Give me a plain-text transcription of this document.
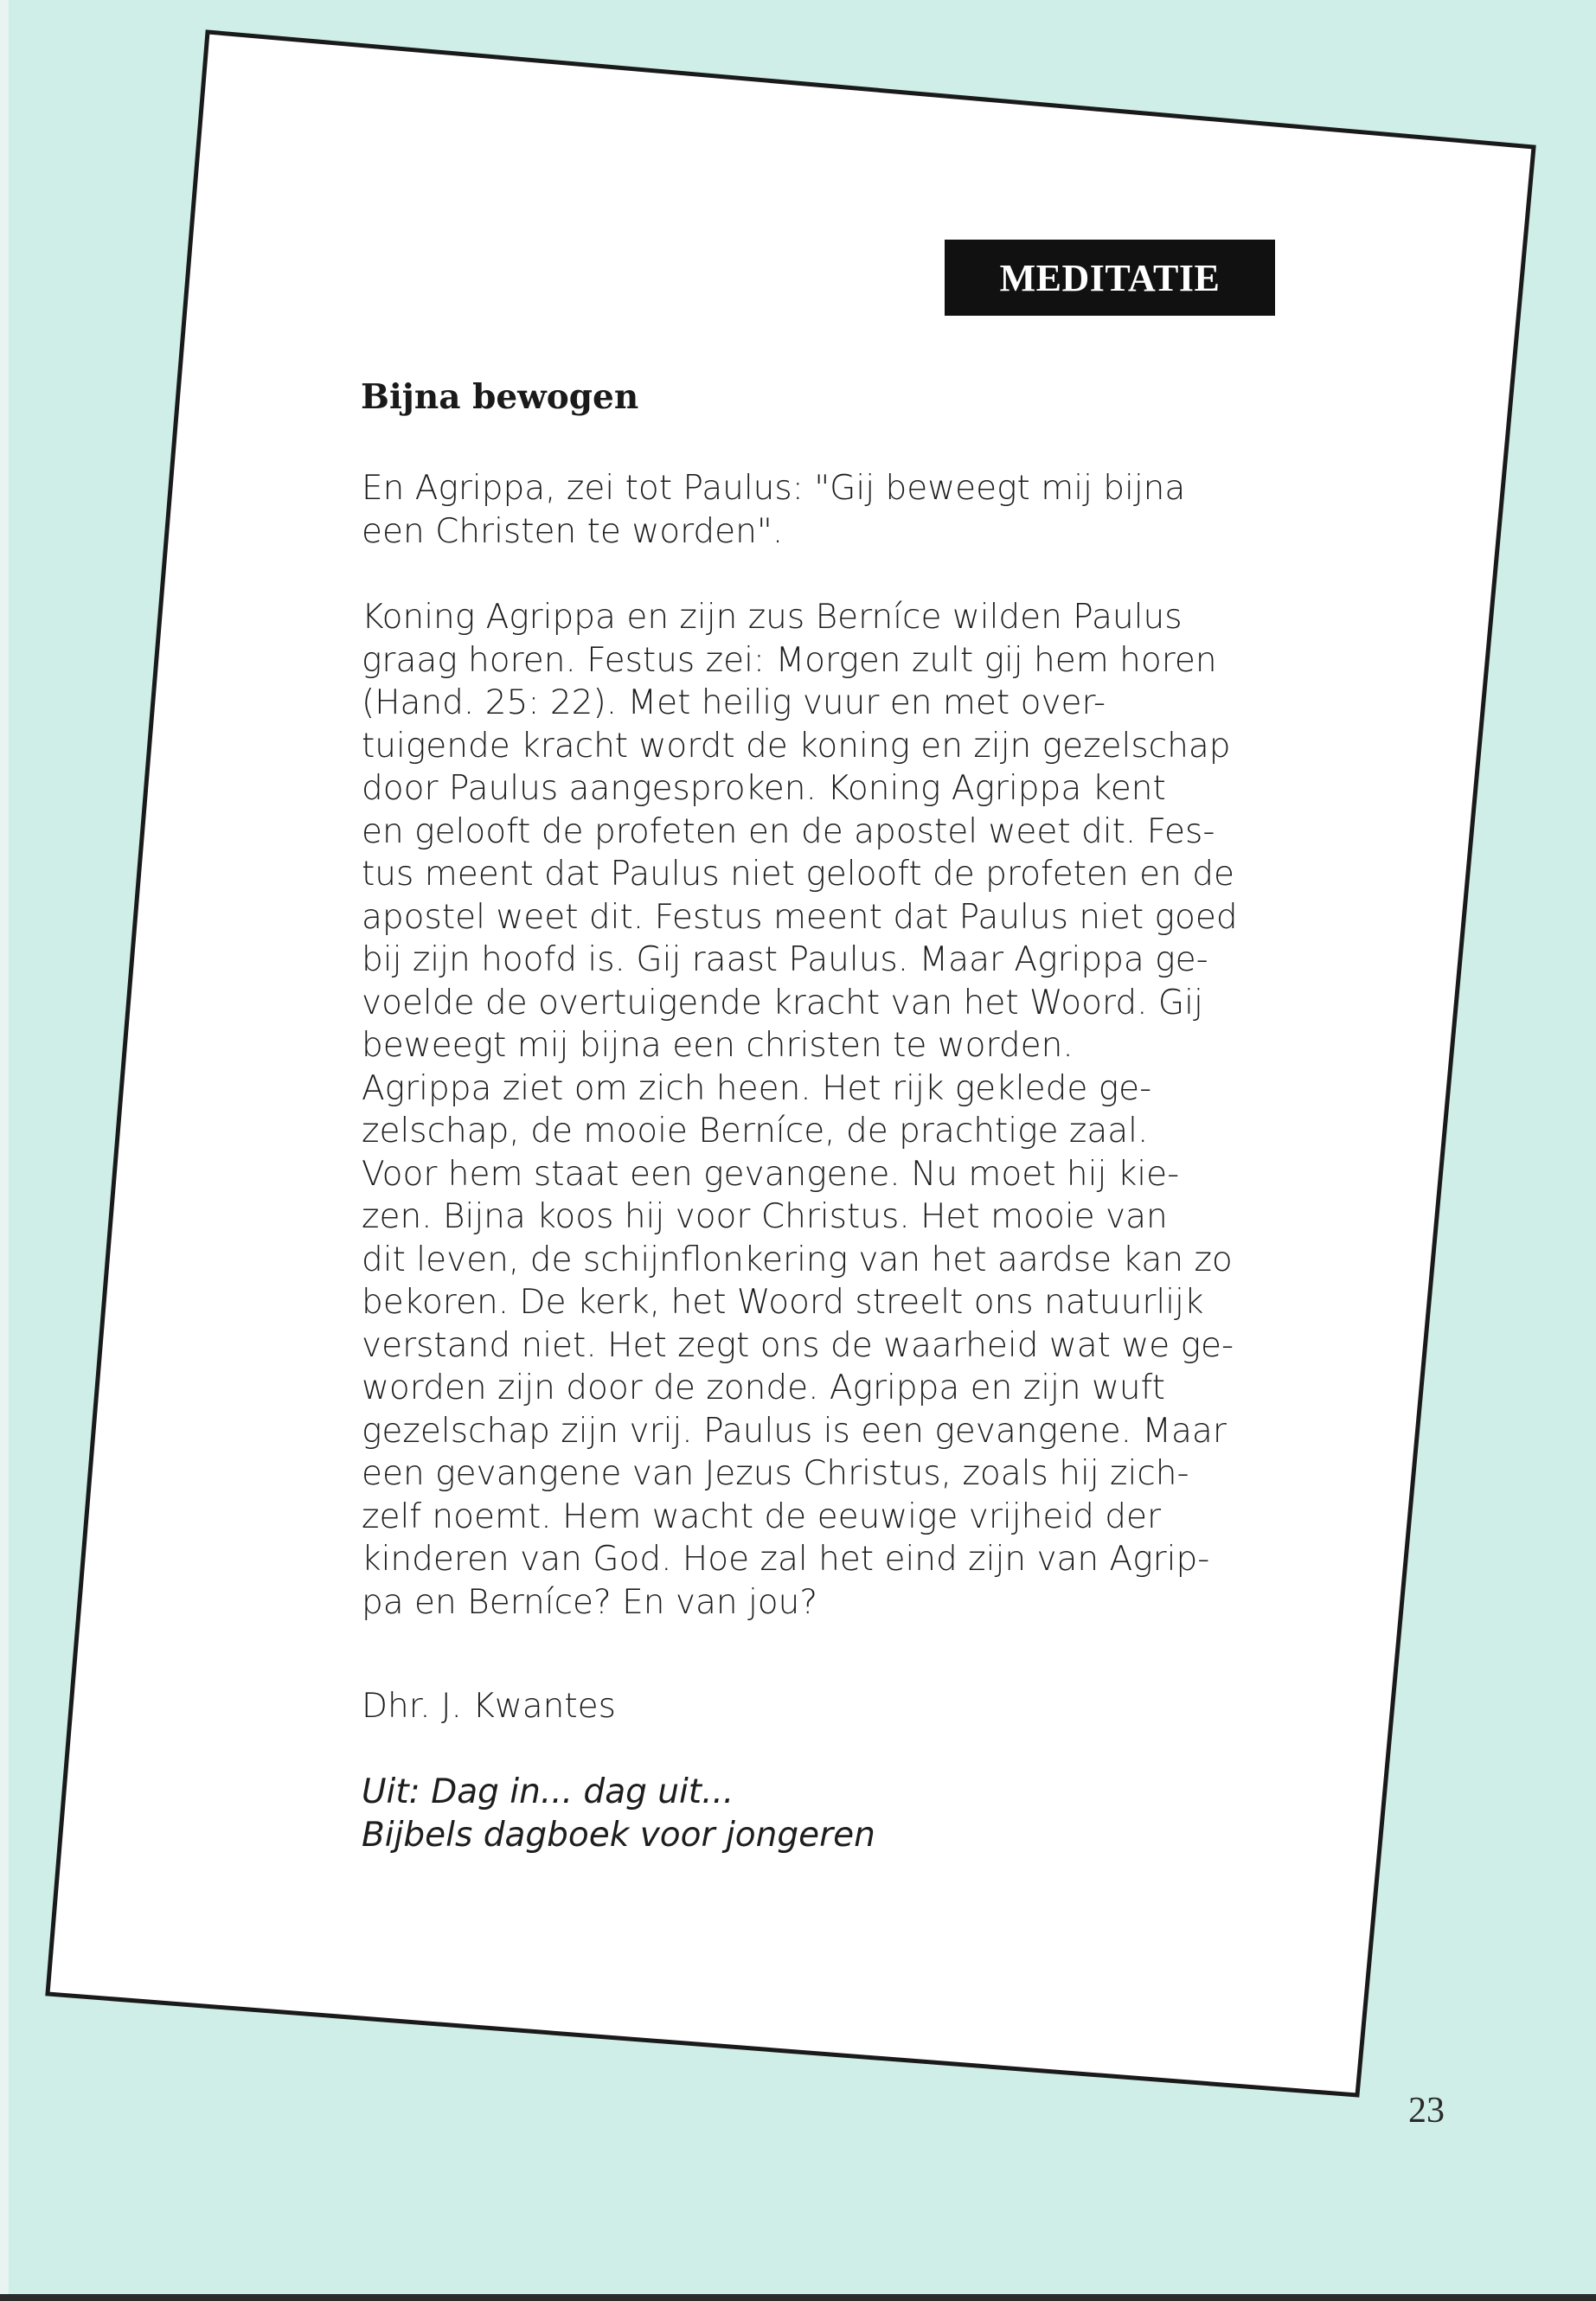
MEDITATIE
Bijna bewogen
En Agrippa, zei tot Paulus: "Gij beweegt mij bijna
een Christen te worden".
Koning Agrippa en zijn zus Berníce wilden Paulus
graag horen. Festus zei: Morgen zult gij hem horen
(Hand. 25: 22). Met heilig vuur en met over-
tuigende kracht wordt de koning en zijn gezelschap
door Paulus aangesproken. Koning Agrippa kent
en gelooft de profeten en de apostel weet dit. Fes-
tus meent dat Paulus niet gelooft de profeten en de
apostel weet dit. Festus meent dat Paulus niet goed
bij zijn hoofd is. Gij raast Paulus. Maar Agrippa ge-
voelde de overtuigende kracht van het Woord. Gij
beweegt mij bijna een christen te worden.
Agrippa ziet om zich heen. Het rijk geklede ge-
zelschap, de mooie Berníce, de prachtige zaal.
Voor hem staat een gevangene. Nu moet hij kie-
zen. Bijna koos hij voor Christus. Het mooie van
dit leven, de schijnflonkering van het aardse kan zo
bekoren. De kerk, het Woord streelt ons natuurlijk
verstand niet. Het zegt ons de waarheid wat we ge-
worden zijn door de zonde. Agrippa en zijn wuft
gezelschap zijn vrij. Paulus is een gevangene. Maar
een gevangene van Jezus Christus, zoals hij zich-
zelf noemt. Hem wacht de eeuwige vrijheid der
kinderen van God. Hoe zal het eind zijn van Agrip-
pa en Berníce? En van jou?
Dhr. J. Kwantes
Uit: Dag in... dag uit...
Bijbels dagboek voor jongeren
23
